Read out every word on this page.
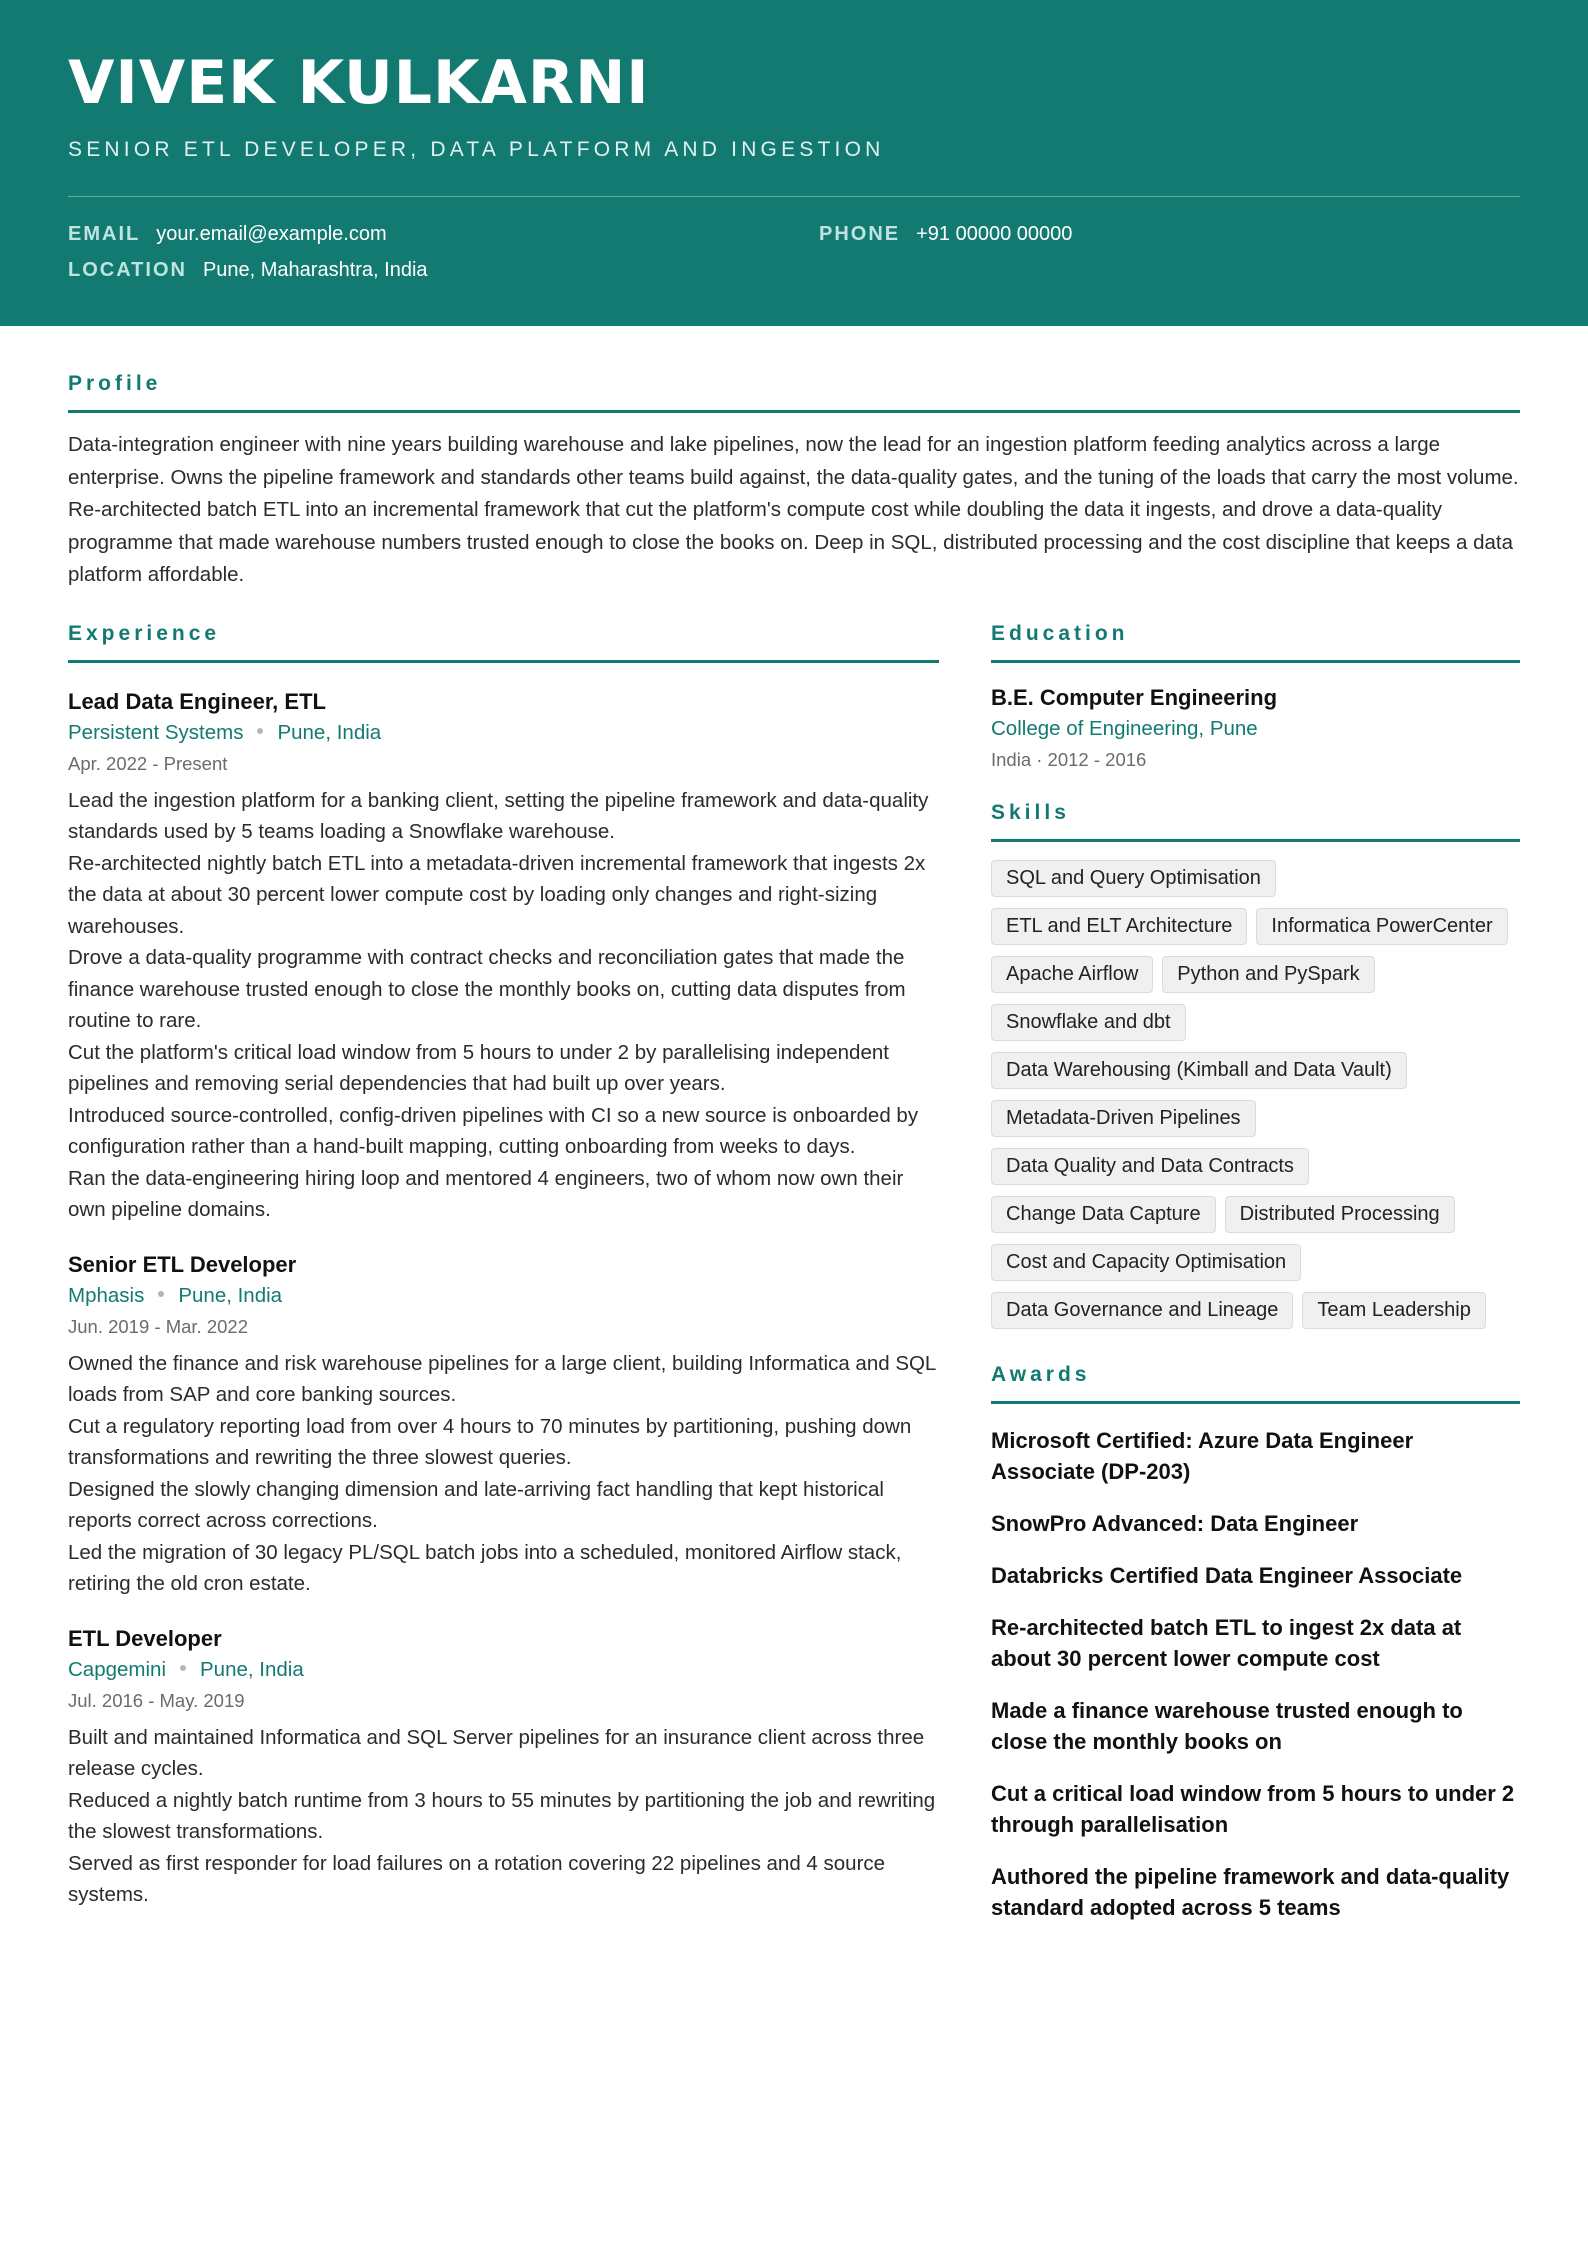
VIVEK KULKARNI
SENIOR ETL DEVELOPER, DATA PLATFORM AND INGESTION
EMAIL your.email@example.com	PHONE +91 00000 00000
LOCATION Pune, Maharashtra, India
Profile
Data-integration engineer with nine years building warehouse and lake pipelines, now the lead for an ingestion platform feeding analytics across a large enterprise. Owns the pipeline framework and standards other teams build against, the data-quality gates, and the tuning of the loads that carry the most volume. Re-architected batch ETL into an incremental framework that cut the platform's compute cost while doubling the data it ingests, and drove a data-quality programme that made warehouse numbers trusted enough to close the books on. Deep in SQL, distributed processing and the cost discipline that keeps a data platform affordable.
Experience
Lead Data Engineer, ETL
Persistent Systems Pune, India
Apr. 2022 - Present
Lead the ingestion platform for a banking client, setting the pipeline framework and data-quality standards used by 5 teams loading a Snowflake warehouse.
Re-architected nightly batch ETL into a metadata-driven incremental framework that ingests 2x the data at about 30 percent lower compute cost by loading only changes and right-sizing warehouses.
Drove a data-quality programme with contract checks and reconciliation gates that made the finance warehouse trusted enough to close the monthly books on, cutting data disputes from routine to rare.
Cut the platform's critical load window from 5 hours to under 2 by parallelising independent pipelines and removing serial dependencies that had built up over years.
Introduced source-controlled, config-driven pipelines with CI so a new source is onboarded by configuration rather than a hand-built mapping, cutting onboarding from weeks to days.
Ran the data-engineering hiring loop and mentored 4 engineers, two of whom now own their own pipeline domains.
Senior ETL Developer
Mphasis Pune, India
Jun. 2019 - Mar. 2022
Owned the finance and risk warehouse pipelines for a large client, building Informatica and SQL loads from SAP and core banking sources.
Cut a regulatory reporting load from over 4 hours to 70 minutes by partitioning, pushing down transformations and rewriting the three slowest queries.
Designed the slowly changing dimension and late-arriving fact handling that kept historical reports correct across corrections.
Led the migration of 30 legacy PL/SQL batch jobs into a scheduled, monitored Airflow stack, retiring the old cron estate.
ETL Developer
Capgemini Pune, India
Jul. 2016 - May. 2019
Built and maintained Informatica and SQL Server pipelines for an insurance client across three release cycles.
Reduced a nightly batch runtime from 3 hours to 55 minutes by partitioning the job and rewriting the slowest transformations.
Served as first responder for load failures on a rotation covering 22 pipelines and 4 source systems.
Education
B.E. Computer Engineering
College of Engineering, Pune
India · 2012 - 2016
Skills
SQL and Query Optimisation
ETL and ELT Architecture	Informatica PowerCenter
Apache Airflow	Python and PySpark
Snowflake and dbt
Data Warehousing (Kimball and Data Vault)
Metadata-Driven Pipelines
Data Quality and Data Contracts
Change Data Capture	Distributed Processing
Cost and Capacity Optimisation
Data Governance and Lineage	Team Leadership
Awards
Microsoft Certified: Azure Data Engineer Associate (DP-203)
SnowPro Advanced: Data Engineer
Databricks Certified Data Engineer Associate
Re-architected batch ETL to ingest 2x data at about 30 percent lower compute cost
Made a finance warehouse trusted enough to close the monthly books on
Cut a critical load window from 5 hours to under 2 through parallelisation
Authored the pipeline framework and data-quality standard adopted across 5 teams
